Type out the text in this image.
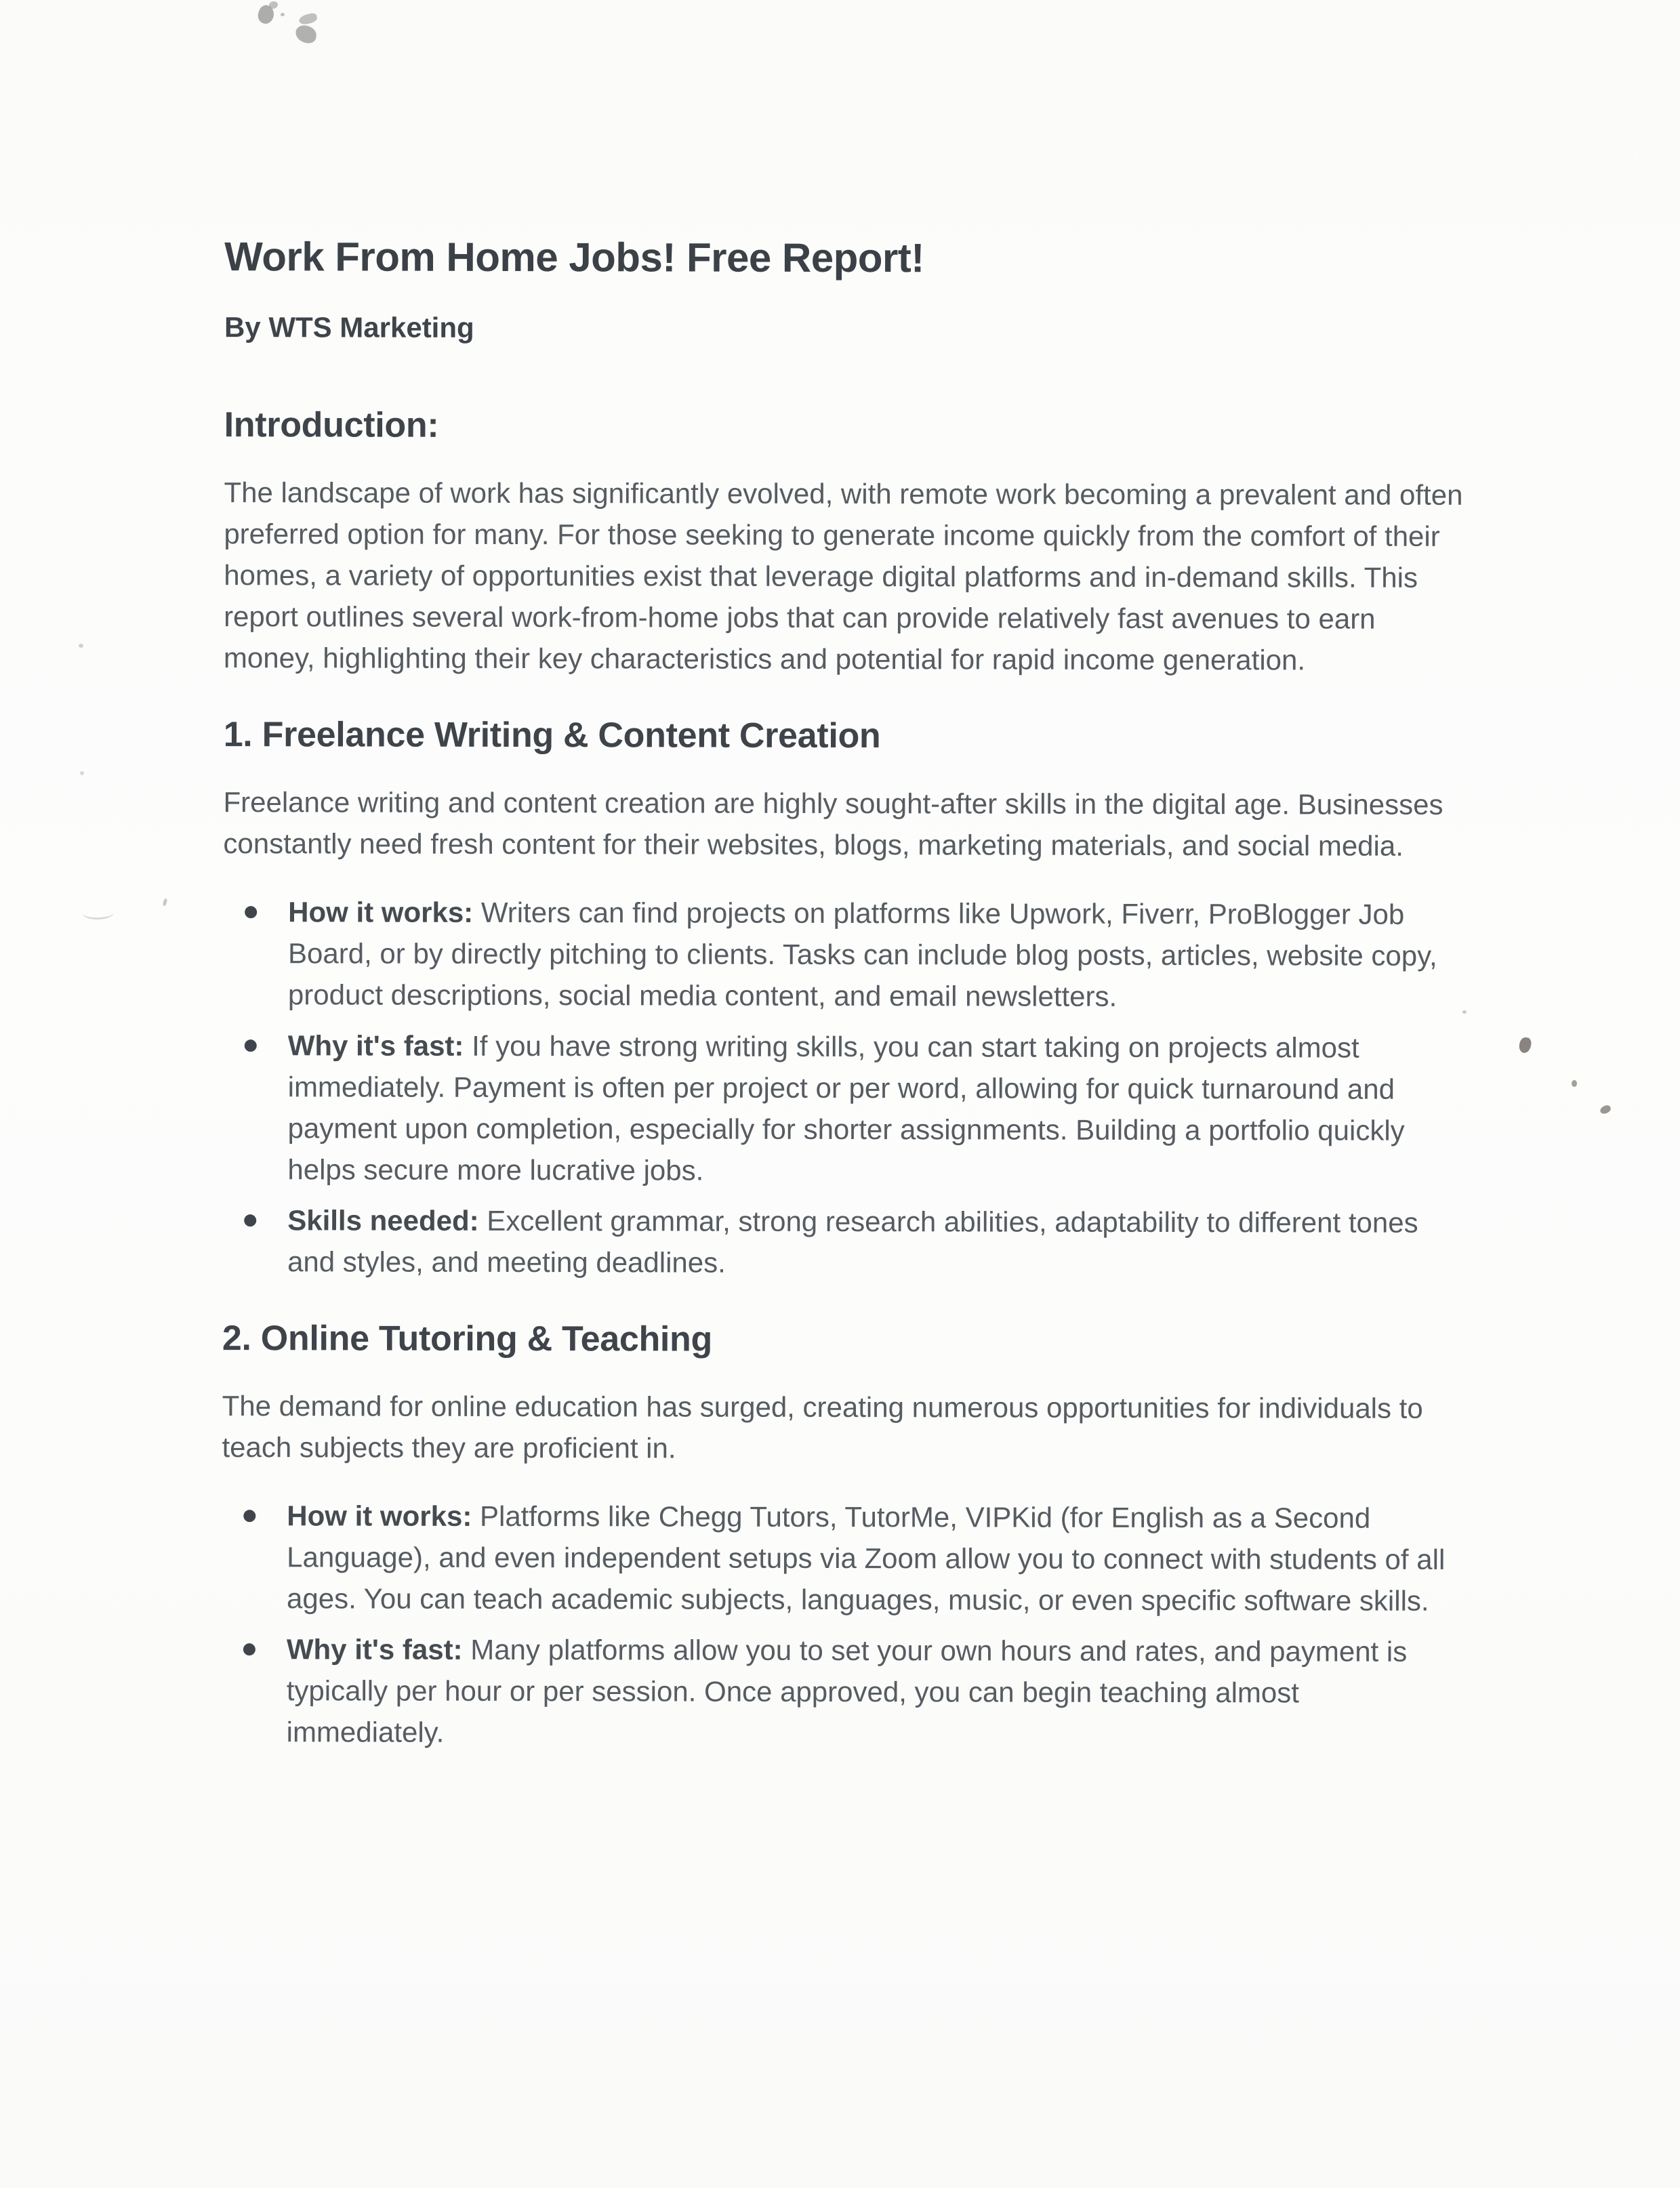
Work From Home Jobs! Free Report!

By WTS Marketing

Introduction:

The landscape of work has significantly evolved, with remote work becoming a prevalent and often preferred option for many. For those seeking to generate income quickly from the comfort of their homes, a variety of opportunities exist that leverage digital platforms and in-demand skills. This report outlines several work-from-home jobs that can provide relatively fast avenues to earn money, highlighting their key characteristics and potential for rapid income generation.

1. Freelance Writing & Content Creation

Freelance writing and content creation are highly sought-after skills in the digital age. Businesses constantly need fresh content for their websites, blogs, marketing materials, and social media.

How it works: Writers can find projects on platforms like Upwork, Fiverr, ProBlogger Job Board, or by directly pitching to clients. Tasks can include blog posts, articles, website copy, product descriptions, social media content, and email newsletters.
Why it's fast: If you have strong writing skills, you can start taking on projects almost immediately. Payment is often per project or per word, allowing for quick turnaround and payment upon completion, especially for shorter assignments. Building a portfolio quickly helps secure more lucrative jobs.
Skills needed: Excellent grammar, strong research abilities, adaptability to different tones and styles, and meeting deadlines.
2. Online Tutoring & Teaching

The demand for online education has surged, creating numerous opportunities for individuals to teach subjects they are proficient in.

How it works: Platforms like Chegg Tutors, TutorMe, VIPKid (for English as a Second Language), and even independent setups via Zoom allow you to connect with students of all ages. You can teach academic subjects, languages, music, or even specific software skills.
Why it's fast: Many platforms allow you to set your own hours and rates, and payment is typically per hour or per session. Once approved, you can begin teaching almost immediately.
